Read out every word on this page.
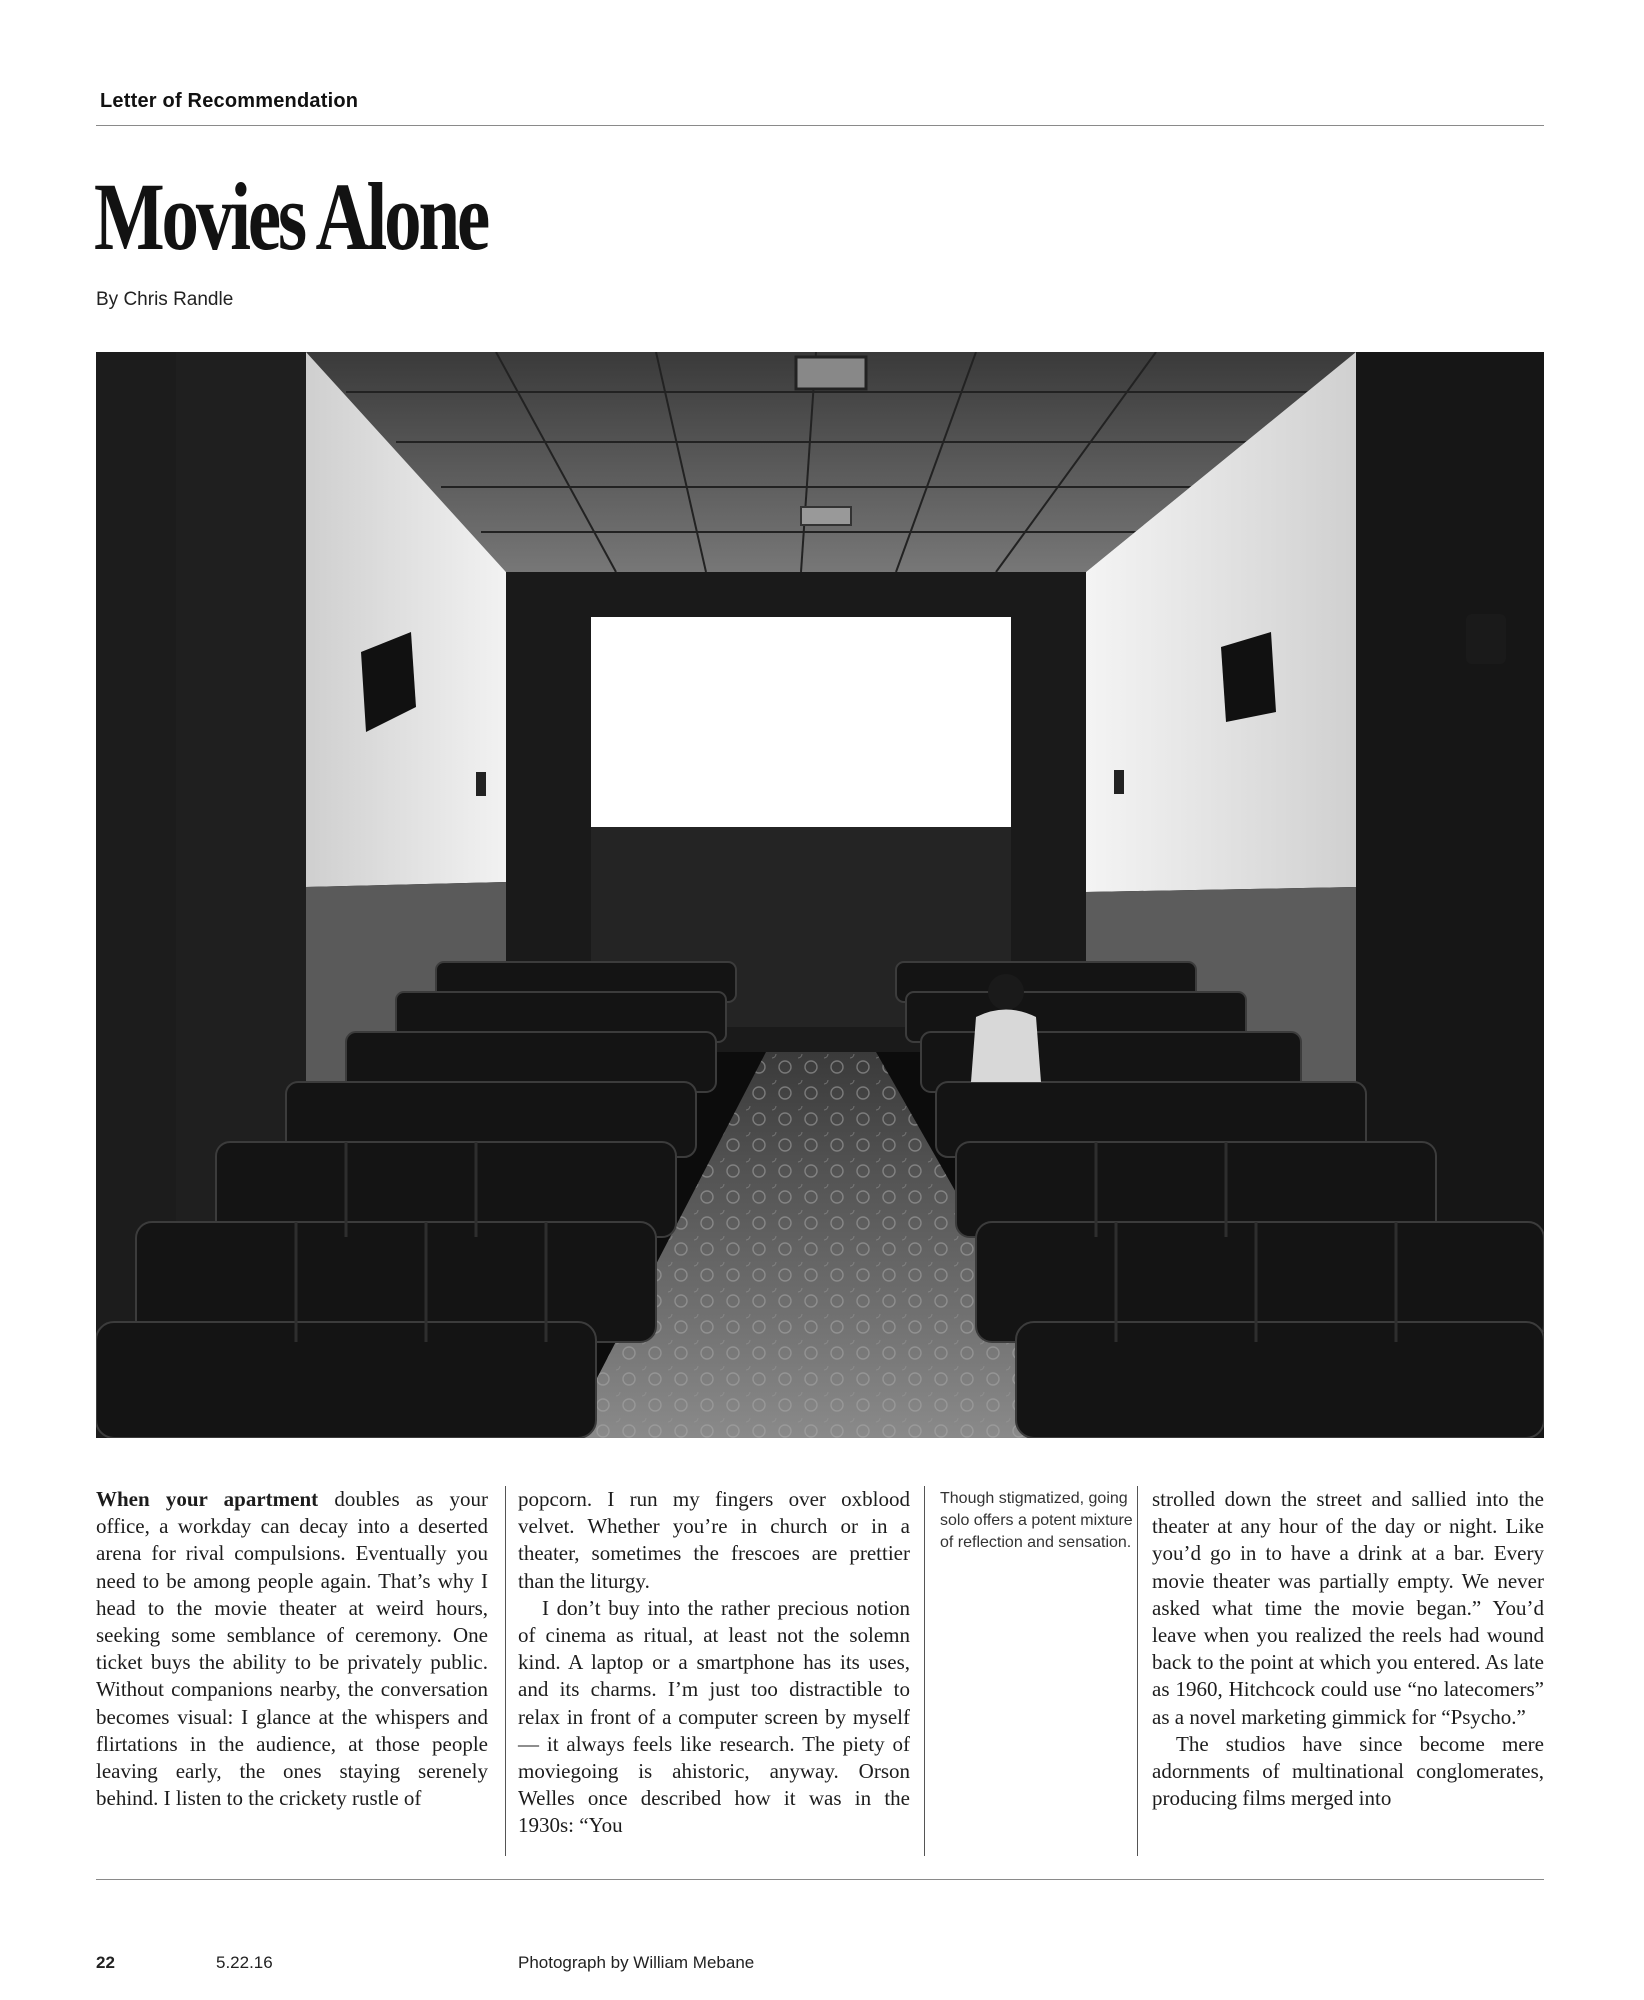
Letter of Recommendation
Movies Alone
By Chris Randle

When your apartment doubles as your office, a workday can decay into a deserted arena for rival compulsions. Eventually you need to be among people again. That’s why I head to the movie theater at weird hours, seeking some semblance of ceremony. One ticket buys the ability to be privately public. Without companions nearby, the conversation becomes visual: I glance at the whispers and flirtations in the audience, at those people leaving early, the ones staying serenely behind. I listen to the crickety rustle of

popcorn. I run my fingers over oxblood velvet. Whether you’re in church or in a theater, sometimes the frescoes are prettier than the liturgy.

I don’t buy into the rather precious notion of cinema as ritual, at least not the solemn kind. A laptop or a smartphone has its uses, and its charms. I’m just too distractible to relax in front of a computer screen by myself — it always feels like research. The piety of moviegoing is ahistoric, anyway. Orson Welles once described how it was in the 1930s: “You

Though stigmatized, going solo offers a potent mixture of reflection and sensation.

strolled down the street and sallied into the theater at any hour of the day or night. Like you’d go in to have a drink at a bar. Every movie theater was partially empty. We never asked what time the movie began.” You’d leave when you realized the reels had wound back to the point at which you entered. As late as 1960, Hitchcock could use “no latecomers” as a novel marketing gimmick for “Psycho.”

The studios have since become mere adornments of multinational conglomerates, producing films merged into

22	5.22.16	Photograph by William Mebane
